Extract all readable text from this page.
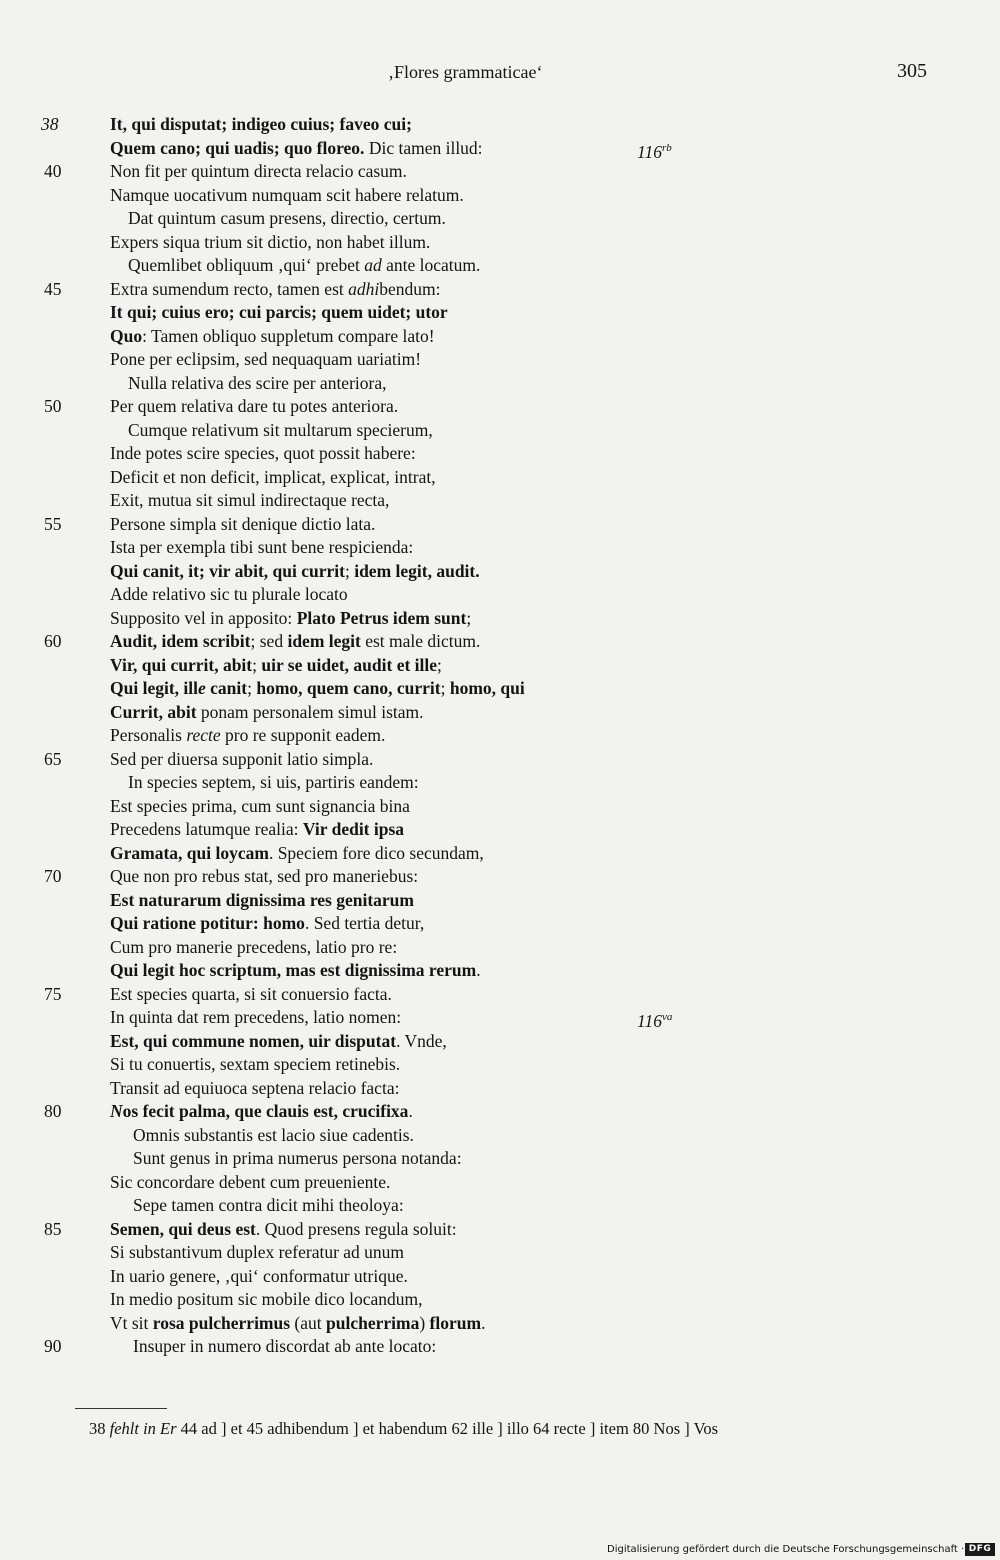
‚Flores grammaticae‘	305
38	It, qui disputat; indigeo cuius; faveo cui;
Quem cano; qui uadis; quo floreo. Dic tamen illud:	$116^{rb}$
40	Non fit per quintum directa relacio casum.
Namque uocativum numquam scit habere relatum.
Dat quintum casum presens, directio, certum.
Expers siqua trium sit dictio, non habet illum.
Quemlibet obliquum ‚qui‘ prebet ad ante locatum.
45	Extra sumendum recto, tamen est adhibendum:
It qui; cuius ero; cui parcis; quem uidet; utor
Quo: Tamen obliquo suppletum compare lato!
Pone per eclipsim, sed nequaquam uariatim!
Nulla relativa des scire per anteriora,
50	Per quem relativa dare tu potes anteriora.
Cumque relativum sit multarum specierum,
Inde potes scire species, quot possit habere:
Deficit et non deficit, implicat, explicat, intrat,
Exit, mutua sit simul indirectaque recta,
55	Persone simpla sit denique dictio lata.
Ista per exempla tibi sunt bene respicienda:
Qui canit, it; vir abit, qui currit; idem legit, audit.
Adde relativo sic tu plurale locato
Supposito vel in apposito: Plato Petrus idem sunt;
60	Audit, idem scribit; sed idem legit est male dictum.
Vir, qui currit, abit; uir se uidet, audit et ille;
Qui legit, ille canit; homo, quem cano, currit; homo, qui
Currit, abit ponam personalem simul istam.
Personalis recte pro re supponit eadem.
65	Sed per diuersa supponit latio simpla.
In species septem, si uis, partiris eandem:
Est species prima, cum sunt signancia bina
Precedens latumque realia: Vir dedit ipsa
Gramata, qui loycam. Speciem fore dico secundam,
70	Que non pro rebus stat, sed pro maneriebus:
Est naturarum dignissima res genitarum
Qui ratione potitur: homo. Sed tertia detur,
Cum pro manerie precedens, latio pro re:
Qui legit hoc scriptum, mas est dignissima rerum.
75	Est species quarta, si sit conuersio facta.
In quinta dat rem precedens, latio nomen:	$116^{va}$
Est, qui commune nomen, uir disputat. Vnde,
Si tu conuertis, sextam speciem retinebis.
Transit ad equiuoca septena relacio facta:
80	Nos fecit palma, que clauis est, crucifixa.
Omnis substantis est lacio siue cadentis.
Sunt genus in prima numerus persona notanda:
Sic concordare debent cum preueniente.
Sepe tamen contra dicit mihi theoloya:
85	Semen, qui deus est. Quod presens regula soluit:
Si substantivum duplex referatur ad unum
In uario genere, ‚qui‘ conformatur utrique.
In medio positum sic mobile dico locandum,
Vt sit rosa pulcherrimus (aut pulcherrima) florum.
90	Insuper in numero discordat ab ante locato:
38 fehlt in Er 44 ad ] et 45 adhibendum ] et habendum 62 ille ] illo 64 recte ] item 80 Nos ] Vos
Digitalisierung gefördert durch die Deutsche Forschungsgemeinschaft · DFG
